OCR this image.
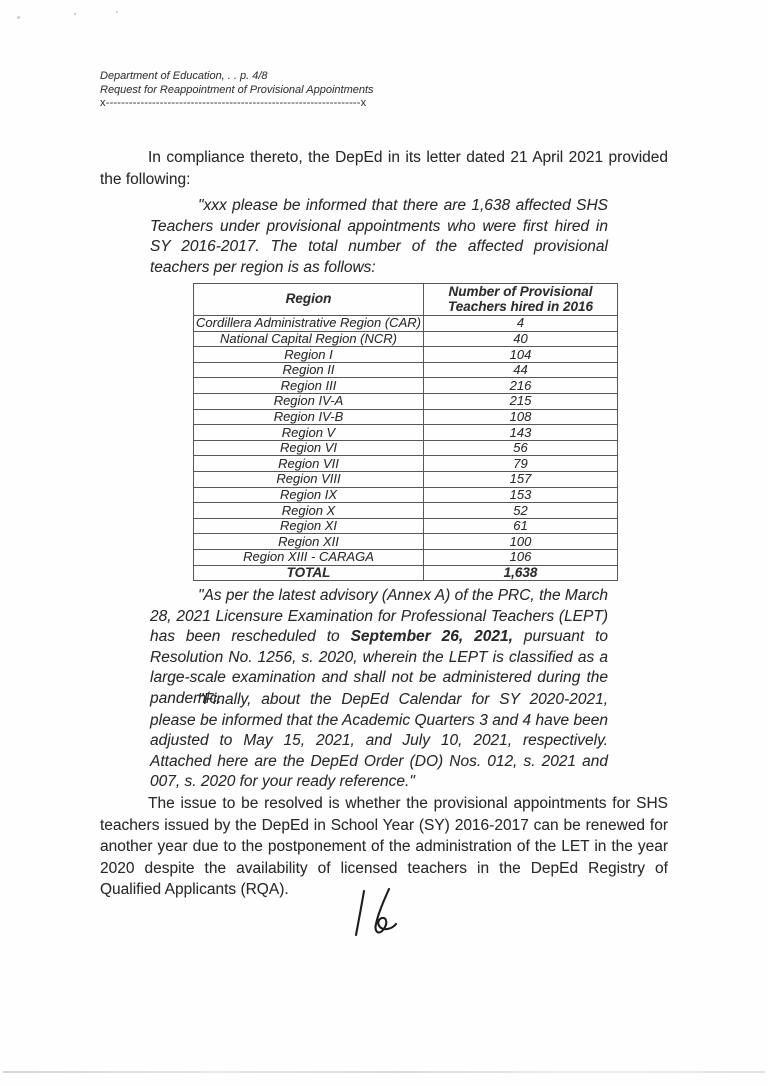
Department of Education, . . p. 4/8
Request for Reappointment of Provisional Appointments
x------------------------------------------------------------------x

In compliance thereto, the DepEd in its letter dated 21 April 2021 provided the following:

"xxx please be informed that there are 1,638 affected SHS Teachers under provisional appointments who were first hired in SY 2016-2017. The total number of the affected provisional teachers per region is as follows:

Region	Number of Provisional Teachers hired in 2016
Cordillera Administrative Region (CAR)	4
National Capital Region (NCR)	40
Region I	104
Region II	44
Region III	216
Region IV-A	215
Region IV-B	108
Region V	143
Region VI	56
Region VII	79
Region VIII	157
Region IX	153
Region X	52
Region XI	61
Region XII	100
Region XIII - CARAGA	106
TOTAL	1,638

"As per the latest advisory (Annex A) of the PRC, the March 28, 2021 Licensure Examination for Professional Teachers (LEPT) has been rescheduled to September 26, 2021, pursuant to Resolution No. 1256, s. 2020, wherein the LEPT is classified as a large-scale examination and shall not be administered during the pandemic.

"Finally, about the DepEd Calendar for SY 2020-2021, please be informed that the Academic Quarters 3 and 4 have been adjusted to May 15, 2021, and July 10, 2021, respectively. Attached here are the DepEd Order (DO) Nos. 012, s. 2021 and 007, s. 2020 for your ready reference."

The issue to be resolved is whether the provisional appointments for SHS teachers issued by the DepEd in School Year (SY) 2016-2017 can be renewed for another year due to the postponement of the administration of the LET in the year 2020 despite the availability of licensed teachers in the DepEd Registry of Qualified Applicants (RQA).
